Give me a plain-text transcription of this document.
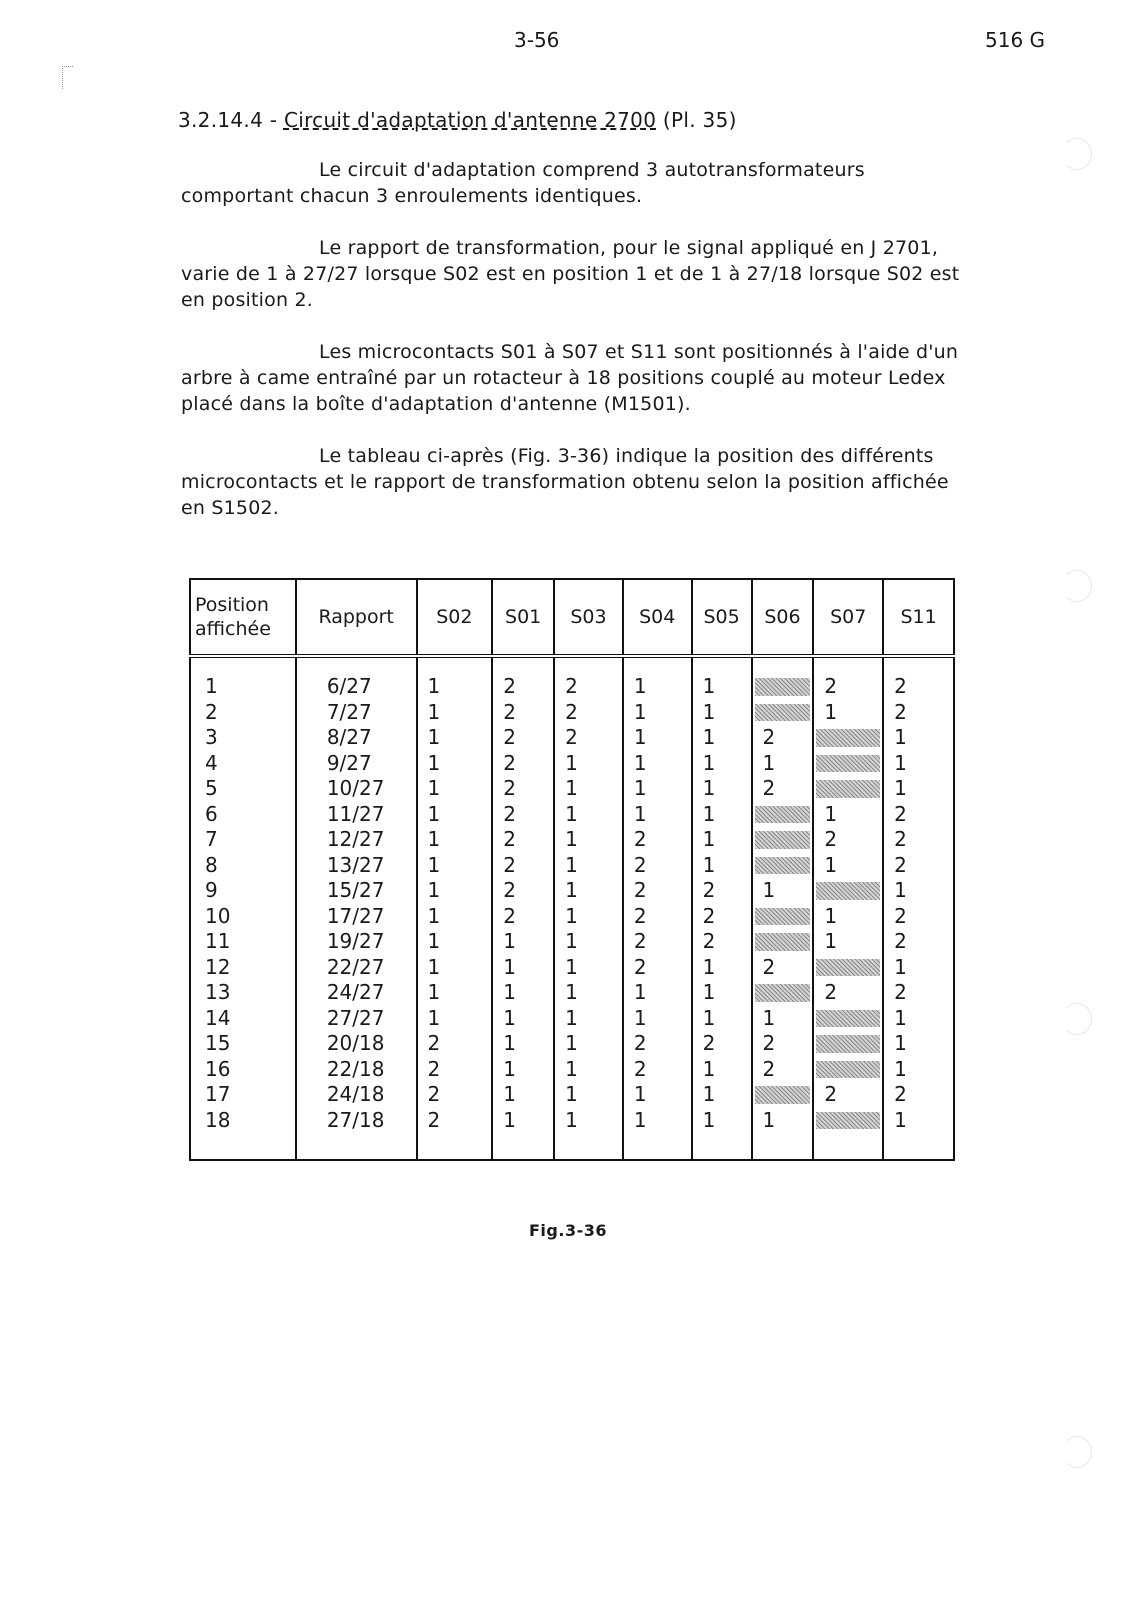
3-56	516 G
3.2.14.4 - Circuit d'adaptation d'antenne 2700 (Pl. 35)
Le circuit d'adaptation comprend 3 autotransformateurs comportant chacun 3 enroulements identiques.
Le rapport de transformation, pour le signal appliqué en J 2701, varie de 1 à 27/27 lorsque S02 est en position 1 et de 1 à 27/18 lorsque S02 est en position 2.
Les microcontacts S01 à S07 et S11 sont positionnés à l'aide d'un arbre à came entraîné par un rotacteur à 18 positions couplé au moteur Ledex placé dans la boîte d'adaptation d'antenne (M1501).
Le tableau ci-après (Fig. 3-36) indique la position des différents microcontacts et le rapport de transformation obtenu selon la position affichée en S1502.
Position affichée	Rapport	S02	S01	S03	S04	S05	S06	S07	S11

1	6/27	1	2	2	1	1		2	2
2	7/27	1	2	2	1	1		1	2
3	8/27	1	2	2	1	1	2		1
4	9/27	1	2	1	1	1	1		1
5	10/27	1	2	1	1	1	2		1
6	11/27	1	2	1	1	1		1	2
7	12/27	1	2	1	2	1		2	2
8	13/27	1	2	1	2	1		1	2
9	15/27	1	2	1	2	2	1		1
10	17/27	1	2	1	2	2		1	2
11	19/27	1	1	1	2	2		1	2
12	22/27	1	1	1	2	1	2		1
13	24/27	1	1	1	1	1		2	2
14	27/27	1	1	1	1	1	1		1
15	20/18	2	1	1	2	2	2		1
16	22/18	2	1	1	2	1	2		1
17	24/18	2	1	1	1	1		2	2
18	27/18	2	1	1	1	1	1		1

Fig.3-36
